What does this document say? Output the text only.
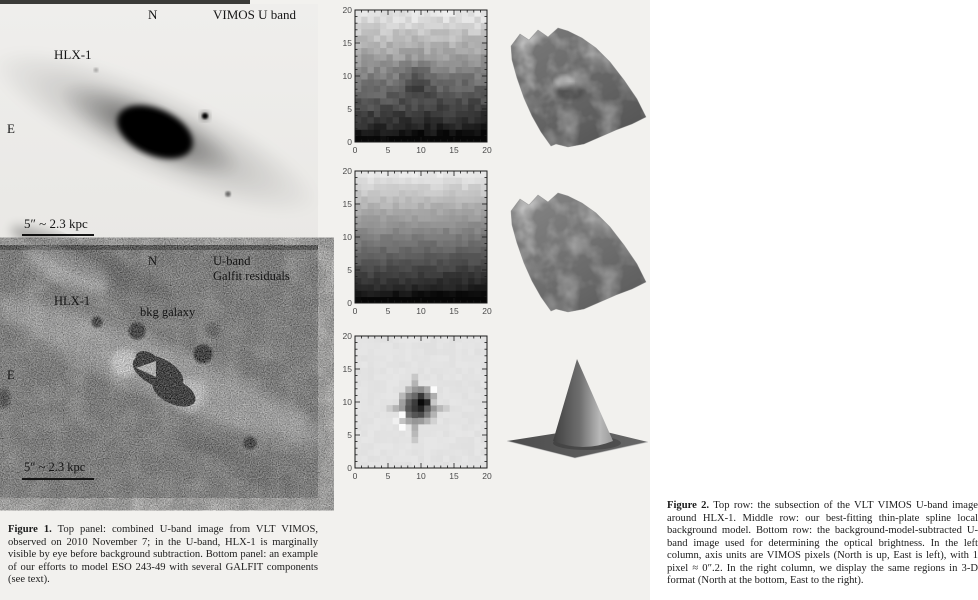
N	VIMOS U band
HLX-1
E
5″ ~ 2.3 kpc
N	U-band
Galfit residuals
HLX-1
bkg galaxy
E
5″ ~ 2.3 kpc

Figure 1. Top panel: combined U-band image from VLT VIMOS, observed on 2010 November 7; in the U-band, HLX-1 is marginally visible by eye before background subtraction. Bottom panel: an example of our efforts to model ESO 243-49 with several GALFIT components (see text).

0
0
5
5
10
10
15
15
20
20
0
0
5
5
10
10
15
15
20
20
0
0
5
5
10
10
15
15
20
20

Figure 2. Top row: the subsection of the VLT VIMOS U-band image around HLX-1. Middle row: our best-fitting thin-plate spline local background model. Bottom row: the background-model-subtracted U-band image used for determining the optical brightness. In the left column, axis units are VIMOS pixels (North is up, East is left), with 1 pixel ≈ 0″.2. In the right column, we display the same regions in 3-D format (North at the bottom, East to the right).
